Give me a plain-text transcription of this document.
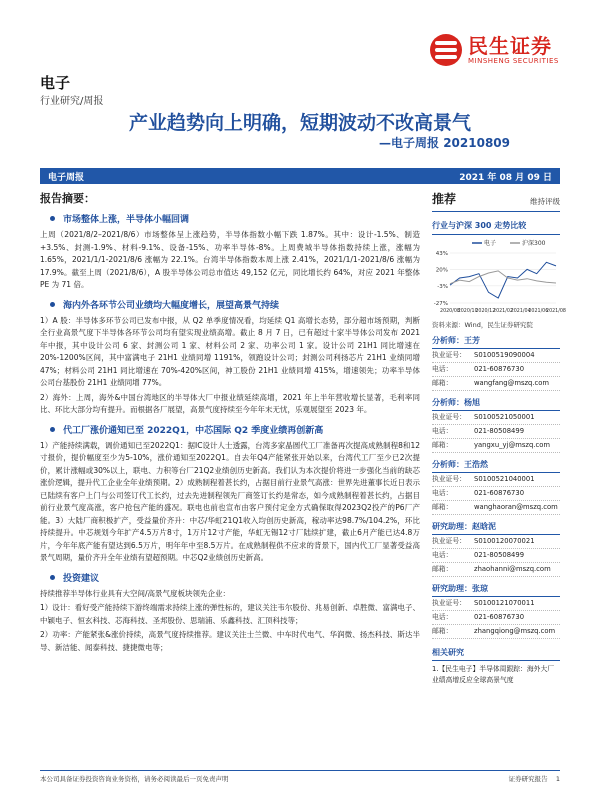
民生证券
MINSHENG SECURITIES
电子
行业研究/周报
产业趋势向上明确，短期波动不改高景气
—电子周报 20210809
电子周报	2021 年 08 月 09 日
报告摘要：
市场整体上涨，半导体小幅回调

上周（2021/8/2–2021/8/6）市场整体呈上涨趋势，半导体指数小幅下跌 1.87%。其中：设计-1.5%、制造+3.5%、封测-1.9%、材料-9.1%、设备-15%、功率半导体-8%。上周费城半导体指数持续上涨，涨幅为 1.65%，2021/1/1-2021/8/6 涨幅为 22.1%。台湾半导体指数本周上涨 2.41%，2021/1/1-2021/8/6 涨幅为 17.9%。截至上周（2021/8/6），A 股半导体公司总市值达 49,152 亿元，同比增长约 64%，对应 2021 年整体 PE 为 71 倍。

海内外各环节公司业绩均大幅度增长，展望高景气持续

1）A 股：半导体多环节公司已发布中报，从 Q2 单季度情况看，均延续 Q1 高增长态势，部分超市场预期，判断全行业高景气度下半导体各环节公司均有望实现业绩高增。截止 8 月 7 日，已有超过十家半导体公司发布 2021 年中报，其中设计公司 6 家、封测公司 1 家、材料公司 2 家、功率公司 1 家。设计公司 21H1 同比增速在 20%-1200%区间，其中富满电子 21H1 业绩同增 1191%，领跑设计公司；封测公司利扬芯片 21H1 业绩同增 47%；材料公司 21H1 同比增速在 70%-420%区间，神工股份 21H1 业绩同增 415%，增速领先；功率半导体公司台基股份 21H1 业绩同增 77%。

2）海外：上周，海外&中国台湾地区的半导体大厂中报业绩延续高增，2021 年上半年营收增长显著，毛利率同比、环比大部分均有提升。而根据各厂展望，高景气度持续至今年年末无忧，乐观展望至 2023 年。

代工厂涨价通知已至 2022Q1，中芯国际 Q2 季度业绩再创新高

1）产能持续满载，调价通知已至2022Q1：据IC设计人士透露，台湾多家晶圆代工厂准备再次提高成熟制程8和12寸报价，提价幅度至少为5-10%，涨价通知至2022Q1。自去年Q4产能紧张开始以来，台湾代工厂至少已2次提价，累计涨幅或30%以上，联电、力积等台厂21Q2业绩创历史新高。我们认为本次提价将进一步强化当前的缺芯涨价逻辑，提升代工企业全年业绩预期。2）成熟制程着甚长约，占据目前行业景气高涨：世界先进董事长近日表示已陆续有客户上门与公司签订代工长约，过去先进制程领先厂商签订长约是常态，如今成熟制程着甚长约，占据目前行业景气度高涨，客户抢包产能的盛况。联电也前也宣布由客户预付定金方式确保取得2023Q2投产的P6厂产能。3）大陆厂商积极扩产，受益量价齐升：中芯/华虹21Q1收入均创历史新高，稼动率达98.7%/104.2%，环比持续提升。中芯规划今年扩产4.5万片8寸，1万片12寸产能，华虹无锡12寸厂陆续扩建，截止6月产能已达4.8万片，今年年底产能有望达到6.5万片，明年年中至8.5万片。在成熟制程供不应求的背景下，国内代工厂显著受益高景气周期，量价齐升全年业绩有望超预期。中芯Q2业绩创历史新高。

投资建议

持续推荐半导体行业具有大空间/高景气度板块领先企业：

1）设计：看好受产能持续下游终端需求持续上涨的弹性标的，建议关注韦尔股份、兆易创新、卓胜微、富满电子、中颖电子、恒玄科技、芯海科技、圣邦股份、思瑞浦、乐鑫科技、汇顶科技等；

2）功率：产能紧张&涨价持续，高景气度持续推荐。建议关注士兰微、中车时代电气、华润微、扬杰科技、斯达半导、新洁能、闻泰科技、捷捷微电等；

推荐	维持评级
行业与沪深 300 走势比较
电子	沪深300
43%
20%
-3%
-27%
2020/08
2020/10
2020/12
2021/02
2021/04
2021/06
2021/08
资料来源：Wind，民生证券研究院
分析师：王芳
执业证号：	S0100519090004
电话：	021-60876730
邮箱：	wangfang@mszq.com
分析师：杨旭
执业证号：	S0100521050001
电话：	021-80508499
邮箱：	yangxu_yj@mszq.com
分析师：王浩然
执业证号：	S0100521040001
电话：	021-60876730
邮箱：	wanghaoran@mszq.com
研究助理：赵晗泥
执业证号：	S0100120070021
电话：	021-80508499
邮箱：	zhaohanni@mszq.com
研究助理：张琼
执业证号：	S0100121070011
电话：	021-60876730
邮箱：	zhangqiong@mszq.com
相关研究
1.【民生电子】半导体周跟踪：海外大厂业绩高增反应全球高景气度
本公司具备证券投资咨询业务资格，请务必阅读最后一页免责声明	证券研究报告 1
